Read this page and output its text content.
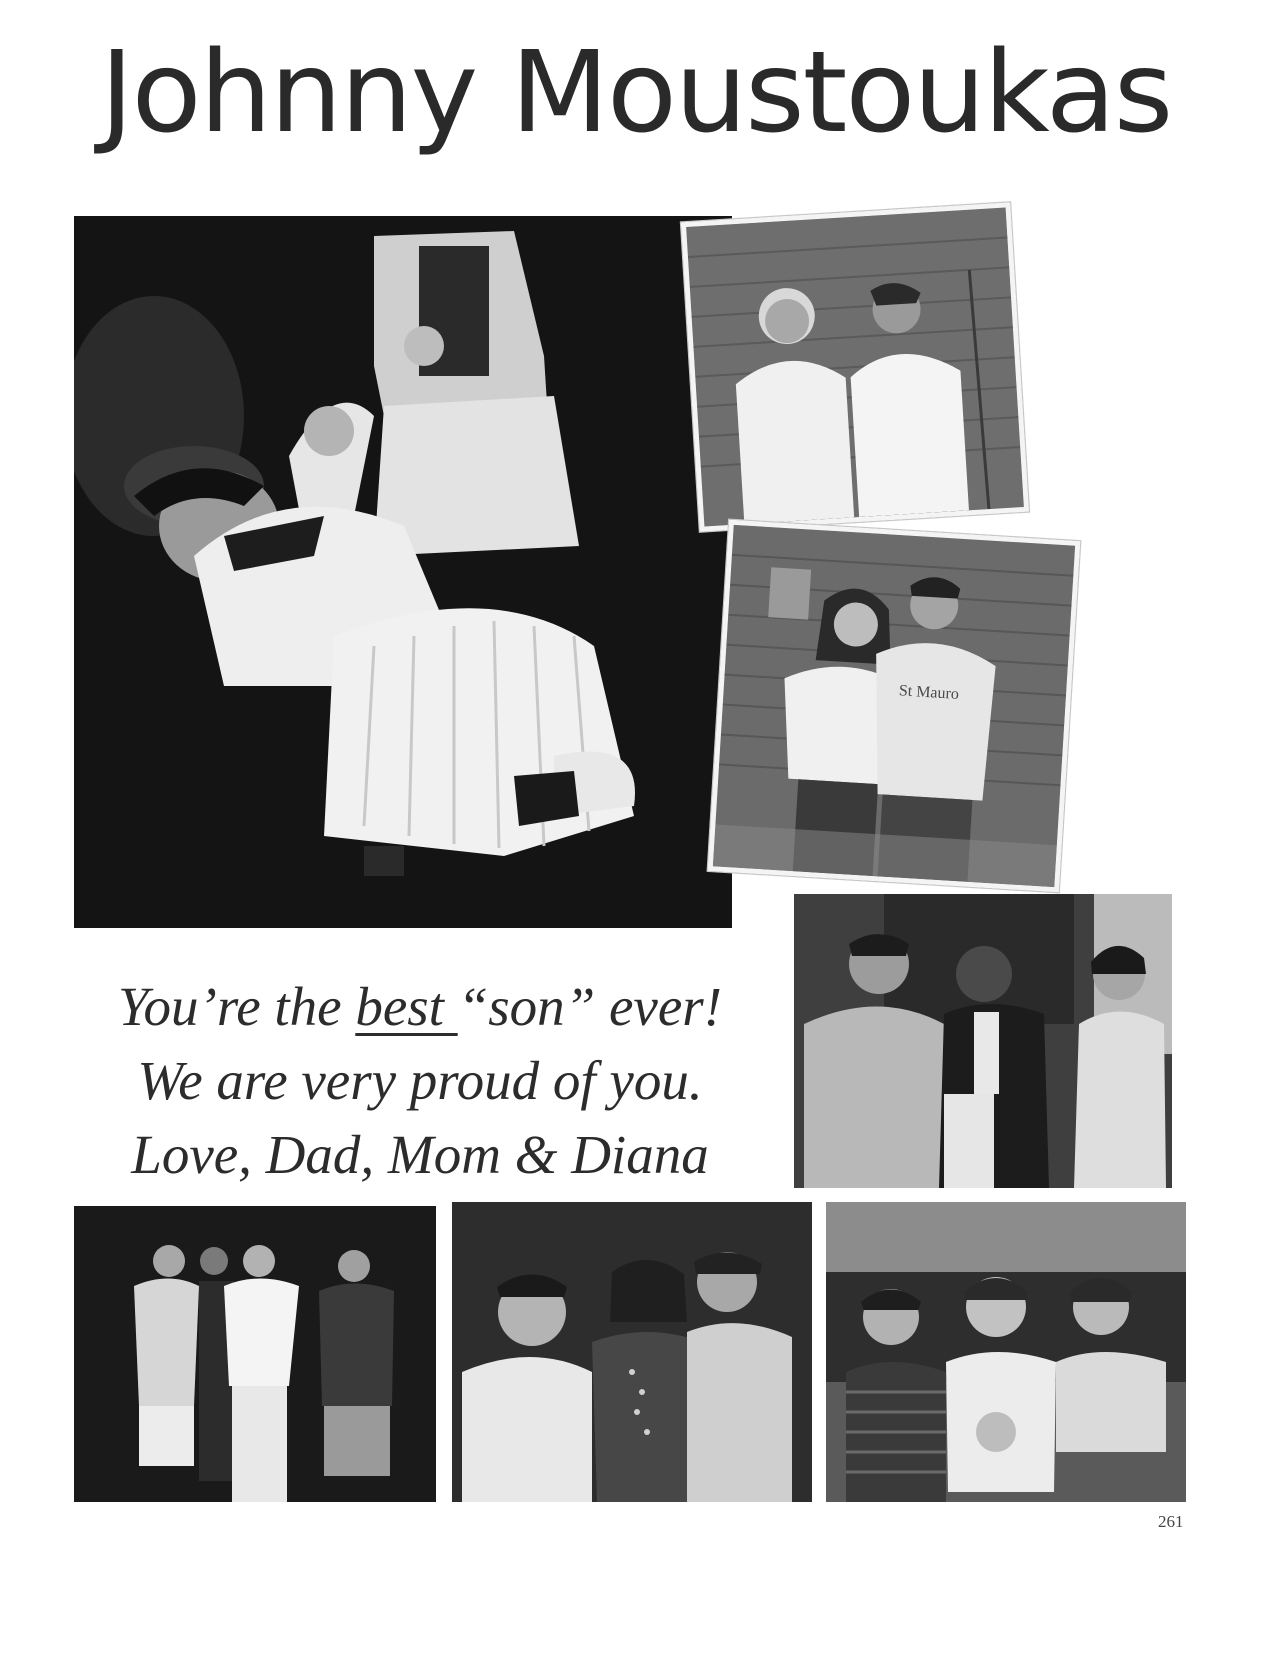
Johnny Moustoukas
St Mauro
You’re the best “son” ever!
We are very proud of you.
Love, Dad, Mom & Diana
261
